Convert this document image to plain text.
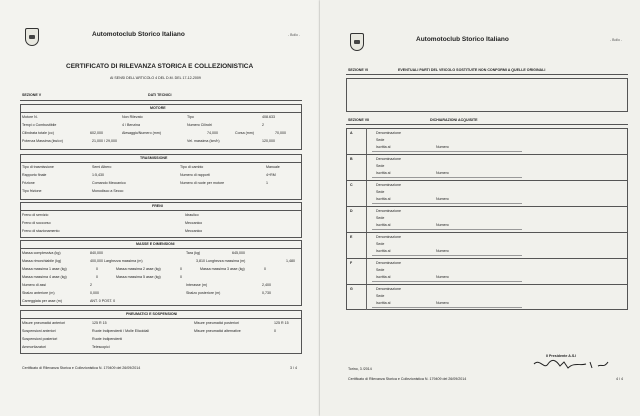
Automotoclub Storico Italiano	- Bollo -
CERTIFICATO DI RILEVANZA STORICA E COLLEZIONISTICA
AI SENSI DELL'ARTICOLO 4 DEL D.M. DEL 17-12-2009
SEZIONE V	DATI TECNICI
MOTORE
Motore N.	Non Rilevato	Tipo	408.633
Tempi o Combustibile	4 / Benzina	Numero Cilindri	2
Cilindrata totale (cc)	602,000	Alesaggio/Numero (mm)	74,000	Corsa (mm)	70,000
Potenza Massima (kw/cv)	21,000 / 29,000	Vel. massima (km/h)	120,000
TRASMISSIONE
Tipo di trasmissione	Semi Albero	Tipo di cambio	Manuale
Rapporto finale	1:5,430	Numero di rapporti	4+RM
Frizione	Comando Meccanico	Numero di ruote per motore	1
Tipo frizione	Monodisco a Secco
FRENI
Freno di servizio	Idraulico
Freno di soccorso	Meccanico
Freno di stazionamento	Meccanico
MASSE E DIMENSIONI
Massa complessiva (kg)	840,000	Tara (kg)	645,000
Massa rimorchiabile (kg)	400,000 Larghezza massima (m)	3,810 Lunghezza massima (m)	1,480
Massa massima 1 asse (kg)	0	Massa massima 2 asse (kg)	0	Massa massima 3 asse (kg)	0
Massa massima 4 asse (kg)	0	Massa massima 5 asse (kg)	0
Numero di assi	2	Interasse (m)	2,400
Sbalzo anteriore (m)	0,000	Sbalzo posteriore (m)	0,730
Carreggiata per asse (m)	ANT. 0 POST. 0
PNEUMATICI E SOSPENSIONI
Misure pneumatici anteriori	125 R 15	Misure pneumatici posteriori	125 R 15
Sospensioni anteriori	Ruote Indipendenti / Molle Elicoidali	Misure pneumatici alternative	0
Sospensioni posteriori	Ruote Indipendenti
Ammortizzatori	Telescopici
Certificato di Rilevanza Storica e Collezionistica N. 179409 del 26/09/2014	3 / 4
Automotoclub Storico Italiano	- Bollo -
SEZIONE VI	EVENTUALI PARTI DEL VEICOLO SOSTITUITE NON CONFORMI A QUELLE ORIGINALI
SEZIONE VII	DICHIARAZIONI ACQUISITE
A	Denominazione
Sede
Iscritta al	Numero
B	Denominazione
Sede
Iscritta al	Numero
C	Denominazione
Sede
Iscritta al	Numero
D	Denominazione
Sede
Iscritta al	Numero
E	Denominazione
Sede
Iscritta al	Numero
F	Denominazione
Sede
Iscritta al	Numero
G	Denominazione
Sede
Iscritta al	Numero
Il Presidente A.S.I
Torino, 3 /2014
Certificato di Rilevanza Storica e Collezionistica N. 179409 del 26/09/2014	4 / 4
